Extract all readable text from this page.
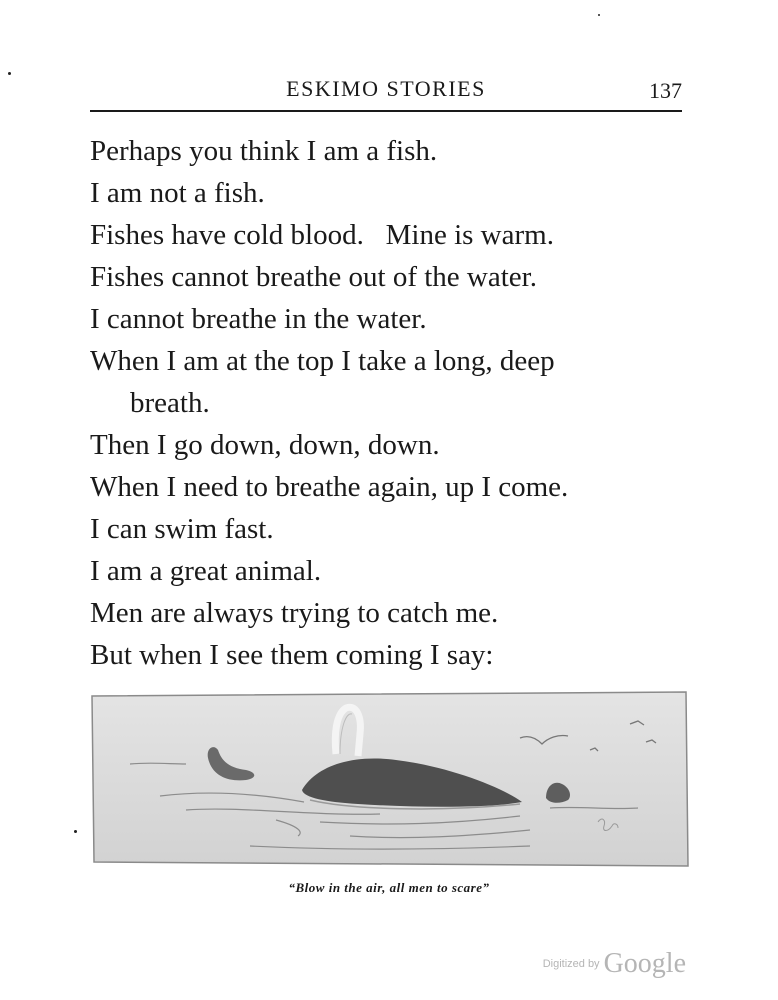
ESKIMO STORIES	137
Perhaps you think I am a fish.
I am not a fish.
Fishes have cold blood.   Mine is warm.
Fishes cannot breathe out of the water.
I cannot breathe in the water.
When I am at the top I take a long, deep
breath.
Then I go down, down, down.
When I need to breathe again, up I come.
I can swim fast.
I am a great animal.
Men are always trying to catch me.
But when I see them coming I say:
“Blow in the air, all men to scare”
Digitized by Google
